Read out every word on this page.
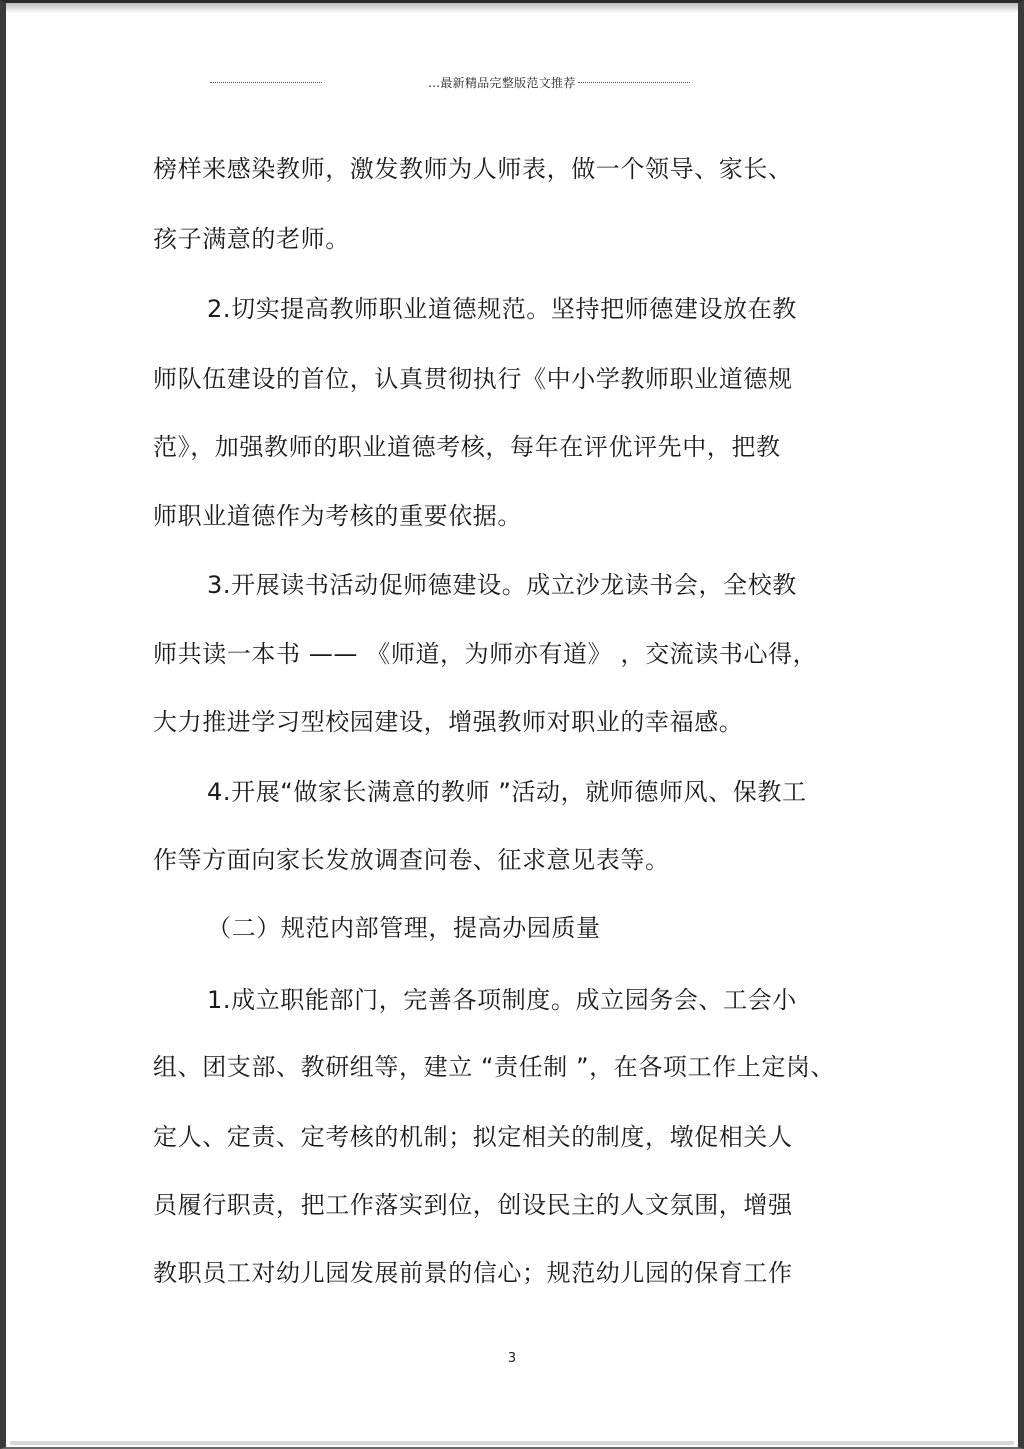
...最新精品完整版范文推荐
榜样来感染教师，激发教师为人师表，做一个领导、家长、
孩子满意的老师。
2.切实提高教师职业道德规范。坚持把师德建设放在教
师队伍建设的首位，认真贯彻执行《中小学教师职业道德规
范》，加强教师的职业道德考核，每年在评优评先中，把教
师职业道德作为考核的重要依据。
3.开展读书活动促师德建设。成立沙龙读书会，全校教
师共读一本书 —— 《师道，为师亦有道》 ，交流读书心得，
大力推进学习型校园建设，增强教师对职业的幸福感。
4.开展“做家长满意的教师 ”活动，就师德师风、保教工
作等方面向家长发放调查问卷、征求意见表等。
（二）规范内部管理，提高办园质量
1.成立职能部门，完善各项制度。成立园务会、工会小
组、团支部、教研组等，建立 “责任制 ”，在各项工作上定岗、
定人、定责、定考核的机制；拟定相关的制度，墩促相关人
员履行职责，把工作落实到位，创设民主的人文氛围，增强
教职员工对幼儿园发展前景的信心；规范幼儿园的保育工作
3
